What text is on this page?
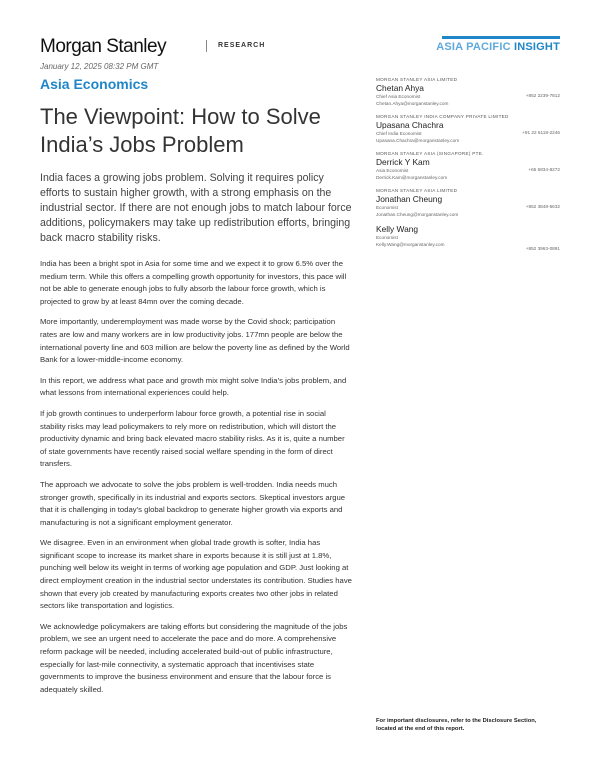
Morgan Stanley	RESEARCH	ASIA PACIFIC INSIGHT
January 12, 2025 08:32 PM GMT
Asia Economics
The Viewpoint: How to Solve India’s Jobs Problem

India faces a growing jobs problem. Solving it requires policy efforts to sustain higher growth, with a strong emphasis on the industrial sector. If there are not enough jobs to match labour force additions, policymakers may take up redistribution efforts, bringing back macro stability risks.

India has been a bright spot in Asia for some time and we expect it to grow 6.5% over the medium term. While this offers a compelling growth opportunity for investors, this pace will not be able to generate enough jobs to fully absorb the labour force growth, which is projected to grow by at least 84mn over the coming decade.

More importantly, underemployment was made worse by the Covid shock; participation rates are low and many workers are in low productivity jobs. 177mn people are below the international poverty line and 603 million are below the poverty line as defined by the World Bank for a lower-middle-income economy.

In this report, we address what pace and growth mix might solve India’s jobs problem, and what lessons from international experiences could help.

If job growth continues to underperform labour force growth, a potential rise in social stability risks may lead policymakers to rely more on redistribution, which will distort the productivity dynamic and bring back elevated macro stability risks. As it is, quite a number of state governments have recently raised social welfare spending in the form of direct transfers.

The approach we advocate to solve the jobs problem is well-trodden. India needs much stronger growth, specifically in its industrial and exports sectors. Skeptical investors argue that it is challenging in today’s global backdrop to generate higher growth via exports and manufacturing is not a significant employment generator.

We disagree. Even in an environment when global trade growth is softer, India has significant scope to increase its market share in exports because it is still just at 1.8%, punching well below its weight in terms of working age population and GDP. Just looking at direct employment creation in the industrial sector understates its contribution. Studies have shown that every job created by manufacturing exports creates two other jobs in related sectors like transportation and logistics.

We acknowledge policymakers are taking efforts but considering the magnitude of the jobs problem, we see an urgent need to accelerate the pace and do more. A comprehensive reform package will be needed, including accelerated build-out of public infrastructure, especially for last-mile connectivity, a systematic approach that incentivises state governments to improve the business environment and ensure that the labour force is adequately skilled.

MORGAN STANLEY ASIA LIMITED
Chetan Ahya
Chief Asia Economist
Chetan.Ahya@morganstanley.com
+852 2239-7812
MORGAN STANLEY INDIA COMPANY PRIVATE LIMITED
Upasana Chachra
Chief India Economist
Upasana.Chachra@morganstanley.com
+91 22 6118-2246
MORGAN STANLEY ASIA (SINGAPORE) PTE.
Derrick Y Kam
Asia Economist
Derrick.Kam@morganstanley.com
+65 6834-8272
MORGAN STANLEY ASIA LIMITED
Jonathan Cheung
Economist
Jonathan.Cheung@morganstanley.com
+852 3848-5632
Kelly Wang
Economist
Kelly.Wang@morganstanley.com
+852 3963-0891
For important disclosures, refer to the Disclosure Section, located at the end of this report.
